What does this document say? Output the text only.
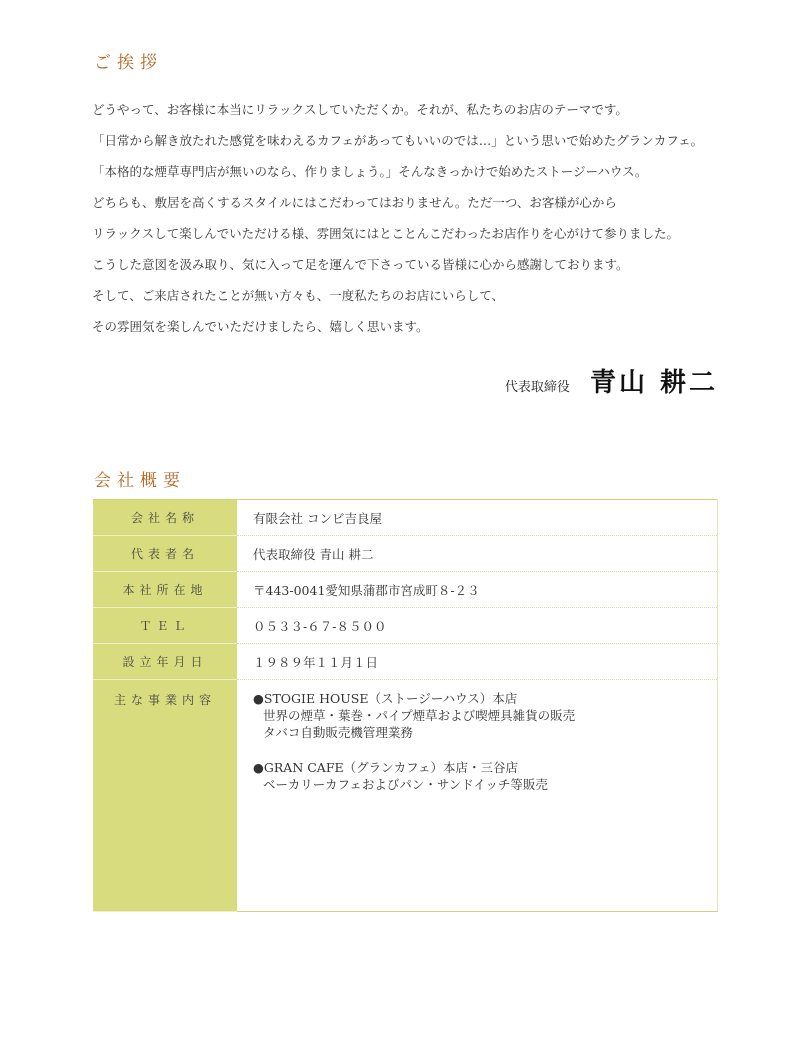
ご挨拶

どうやって、お客様に本当にリラックスしていただくか。それが、私たちのお店のテーマです。

「日常から解き放たれた感覚を味わえるカフェがあってもいいのでは…」という思いで始めたグランカフェ。

「本格的な煙草専門店が無いのなら、作りましょう。」そんなきっかけで始めたストージーハウス。

どちらも、敷居を高くするスタイルにはこだわってはおりません。ただ一つ、お客様が心から

リラックスして楽しんでいただける様、雰囲気にはとことんこだわったお店作りを心がけて参りました。

こうした意図を汲み取り、気に入って足を運んで下さっている皆様に心から感謝しております。

そして、ご来店されたことが無い方々も、一度私たちのお店にいらして、

その雰囲気を楽しんでいただけましたら、嬉しく思います。

代表取締役 青山 耕二
会社概要
会社名称	有限会社 コンビ吉良屋
代表者名	代表取締役 青山 耕二
本社所在地	〒443-0041愛知県蒲郡市宮成町８-２３
ＴＥＬ	０５３３-６７-８５００
設立年月日	１９８９年１１月１日
主な事業内容	●STOGIE HOUSE（ストージーハウス）本店
世界の煙草・葉巻・パイプ煙草および喫煙具雑貨の販売
タバコ自動販売機管理業務
●GRAN CAFE（グランカフェ）本店・三谷店
ベーカリーカフェおよびパン・サンドイッチ等販売
